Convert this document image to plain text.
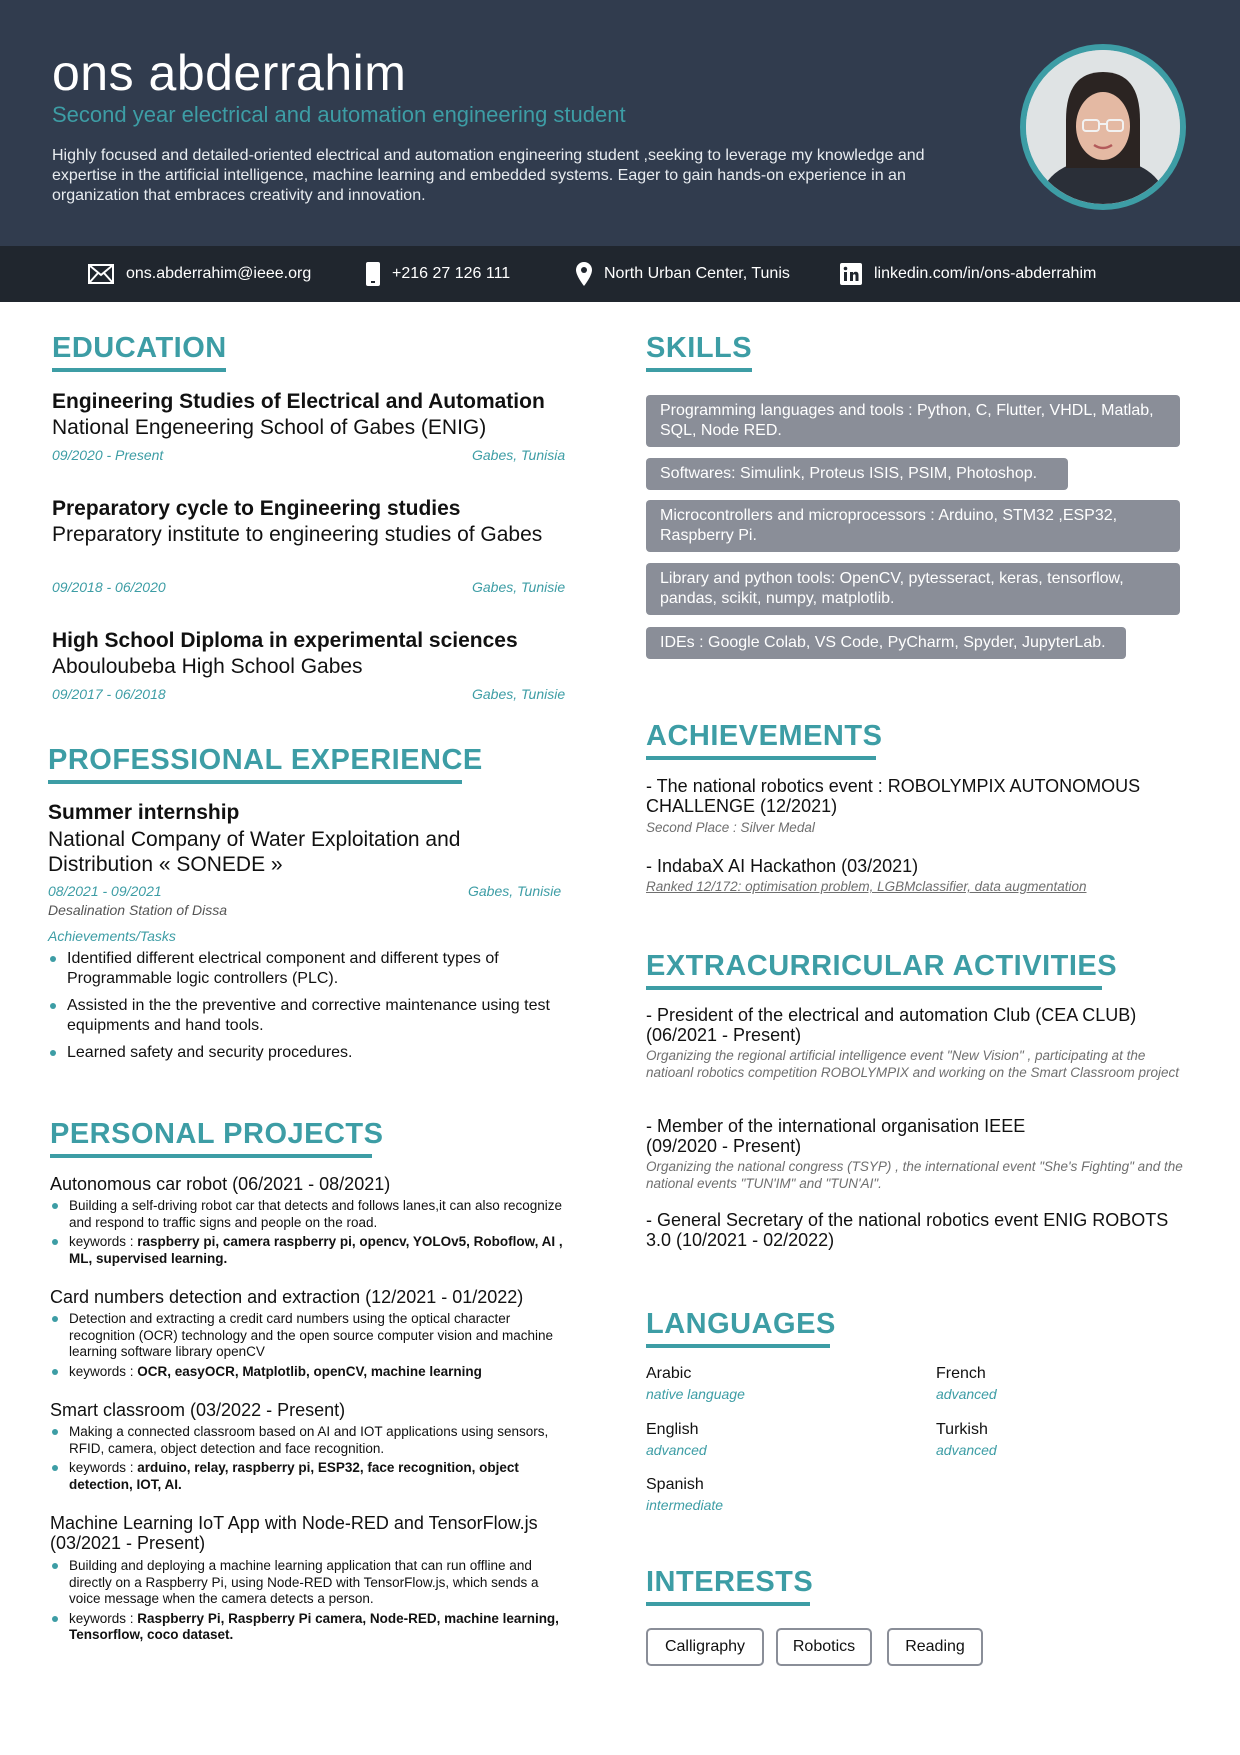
ons abderrahim
Second year electrical and automation engineering student
Highly focused and detailed-oriented electrical and automation engineering student ,seeking to leverage my knowledge and expertise in the artificial intelligence, machine learning and embedded systems. Eager to gain hands-on experience in an organization that embraces creativity and innovation.
ons.abderrahim@ieee.org	+216 27 126 111	North Urban Center, Tunis	linkedin.com/in/ons-abderrahim
EDUCATION
Engineering Studies of Electrical and Automation
National Engeneering School of Gabes (ENIG)
09/2020 - Present	Gabes, Tunisia
Preparatory cycle to Engineering studies
Preparatory institute to engineering studies of Gabes
09/2018 - 06/2020	Gabes, Tunisie
High School Diploma in experimental sciences
Abouloubeba High School Gabes
09/2017 - 06/2018	Gabes, Tunisie
PROFESSIONAL EXPERIENCE
Summer internship
National Company of Water Exploitation and Distribution « SONEDE »
08/2021 - 09/2021	Gabes, Tunisie
Desalination Station of Dissa
Achievements/Tasks
Identified different electrical component and different types of Programmable logic controllers (PLC).
Assisted in the the preventive and corrective maintenance using test equipments and hand tools.
Learned safety and security procedures.
PERSONAL PROJECTS
Autonomous car robot (06/2021 - 08/2021)
Building a self-driving robot car that detects and follows lanes,it can also recognize and respond to traffic signs and people on the road.
keywords : raspberry pi, camera raspberry pi, opencv, YOLOv5, Roboflow, AI , ML, supervised learning.
Card numbers detection and extraction (12/2021 - 01/2022)
Detection and extracting a credit card numbers using the optical character recognition (OCR) technology and the open source computer vision and machine learning software library openCV
keywords : OCR, easyOCR, Matplotlib, openCV, machine learning
Smart classroom (03/2022 - Present)
Making a connected classroom based on AI and IOT applications using sensors, RFID, camera, object detection and face recognition.
keywords : arduino, relay, raspberry pi, ESP32, face recognition, object detection, IOT, AI.
Machine Learning IoT App with Node-RED and TensorFlow.js (03/2021 - Present)
Building and deploying a machine learning application that can run offline and directly on a Raspberry Pi, using Node-RED with TensorFlow.js, which sends a voice message when the camera detects a person.
keywords : Raspberry Pi, Raspberry Pi camera, Node-RED, machine learning, Tensorflow, coco dataset.
SKILLS
Programming languages and tools : Python, C, Flutter, VHDL, Matlab, SQL, Node RED.
Softwares: Simulink, Proteus ISIS, PSIM, Photoshop.
Microcontrollers and microprocessors : Arduino, STM32 ,ESP32, Raspberry Pi.
Library and python tools: OpenCV, pytesseract, keras, tensorflow, pandas, scikit, numpy, matplotlib.
IDEs : Google Colab, VS Code, PyCharm, Spyder, JupyterLab.
ACHIEVEMENTS
- The national robotics event : ROBOLYMPIX AUTONOMOUS CHALLENGE (12/2021)
Second Place : Silver Medal
- IndabaX AI Hackathon (03/2021)
Ranked 12/172: optimisation problem, LGBMclassifier, data augmentation
EXTRACURRICULAR ACTIVITIES
- President of the electrical and automation Club (CEA CLUB) (06/2021 - Present)
Organizing the regional artificial intelligence event "New Vision" , participating at the natioanl robotics competition ROBOLYMPIX and working on the Smart Classroom project
- Member of the international organisation IEEE (09/2020 - Present)
Organizing the national congress (TSYP) , the international event "She's Fighting" and the national events "TUN'IM" and "TUN'AI".
- General Secretary of the national robotics event ENIG ROBOTS 3.0 (10/2021 - 02/2022)
LANGUAGES
Arabic
native language
French
advanced
English
advanced
Turkish
advanced
Spanish
intermediate
INTERESTS
Calligraphy	Robotics	Reading
